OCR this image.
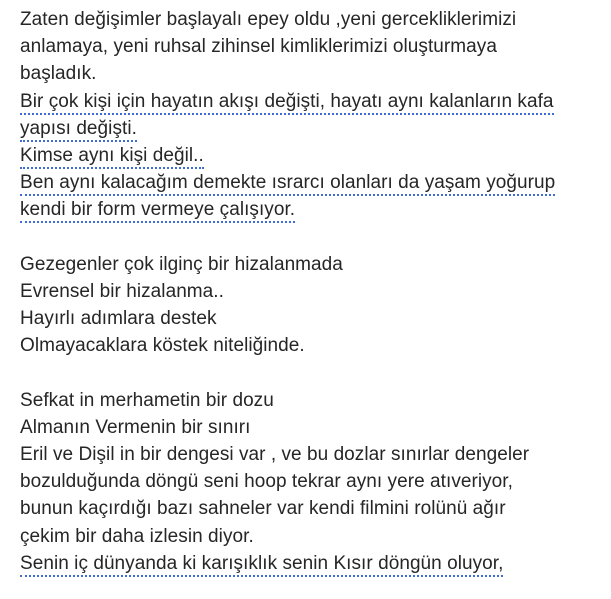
Zaten değişimler başlayalı epey oldu ,yeni gerceklikleri​mizi
anlamaya, yeni ruhsal zihinsel kimliklerimizi oluşturmaya
başladık.
Bir çok kişi için hayatın akışı değişti, hayatı aynı kalanların kafa
yapısı değişti.
Kimse aynı kişi değil..
Ben aynı kalacağım demekte ısrarcı olanları da yaşam yoğurup
kendi bir form vermeye çalışıyor.
Gezegenler çok ilginç bir hizalanmada
Evrensel bir hizalanma..
Hayırlı adımlara destek
Olmayacaklara köstek niteliğinde.
Sefkat in merhametin bir dozu
Almanın Vermenin bir sınırı
Eril ve Dişil in bir dengesi var , ve bu dozlar sınırlar dengeler
bozulduğunda döngü seni hoop tekrar aynı yere atıveriyor,
bunun kaçırdığı bazı sahneler var kendi filmini rolünü ağır
çekim bir daha izlesin diyor.
Senin iç dünyanda ki karışıklık senin Kısır döngün oluyor,
